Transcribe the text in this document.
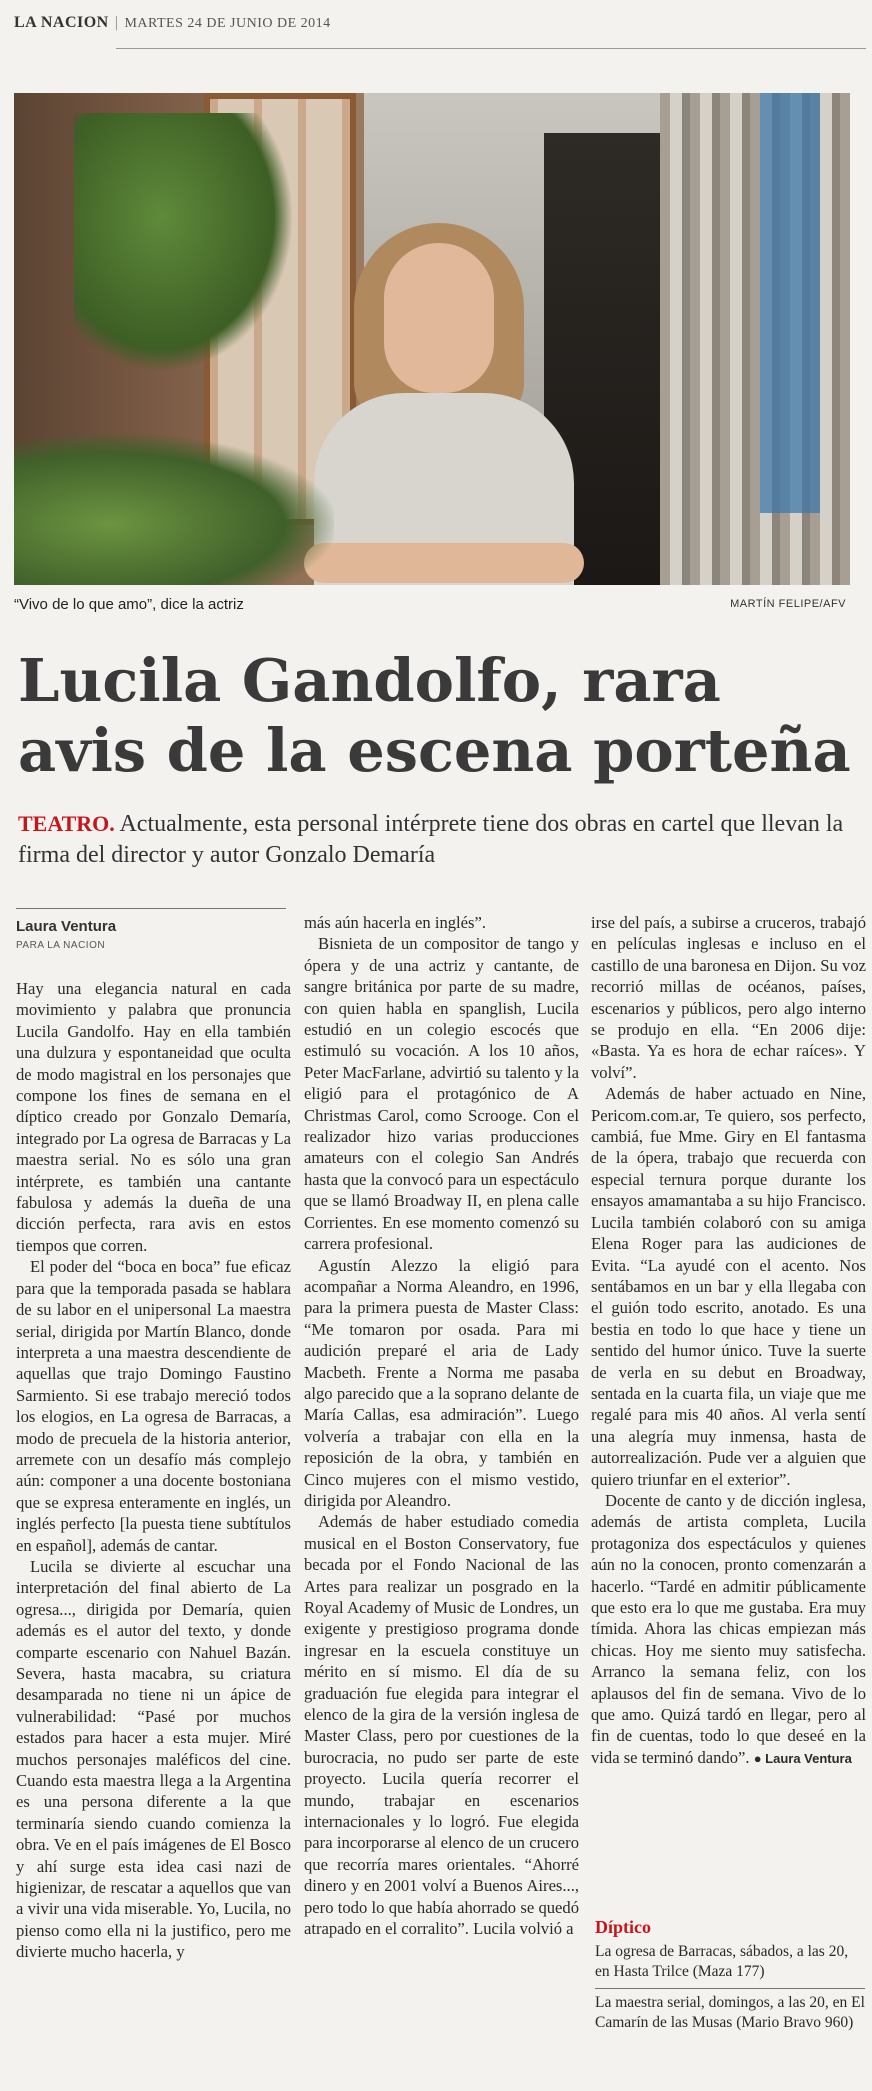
LA NACION | MARTES 24 DE JUNIO DE 2014
“Vivo de lo que amo”, dice la actriz	MARTÍN FELIPE/AFV
Lucila Gandolfo, rara avis de la escena porteña

TEATRO. Actualmente, esta personal intérprete tiene dos obras en cartel que llevan la firma del director y autor Gonzalo Demaría

Laura Ventura
PARA LA NACION

Hay una elegancia natural en cada movimiento y palabra que pronuncia Lucila Gandolfo. Hay en ella también una dulzura y espontaneidad que oculta de modo magistral en los personajes que compone los fines de semana en el díptico creado por Gonzalo Demaría, integrado por La ogresa de Barracas y La maestra serial. No es sólo una gran intérprete, es también una cantante fabulosa y además la dueña de una dicción perfecta, rara avis en estos tiempos que corren.

El poder del “boca en boca” fue eficaz para que la temporada pasada se hablara de su labor en el unipersonal La maestra serial, dirigida por Martín Blanco, donde interpreta a una maestra descendiente de aquellas que trajo Domingo Faustino Sarmiento. Si ese trabajo mereció todos los elogios, en La ogresa de Barracas, a modo de precuela de la historia anterior, arremete con un desafío más complejo aún: componer a una docente bostoniana que se expresa enteramente en inglés, un inglés perfecto [la puesta tiene subtítulos en español], además de cantar.

Lucila se divierte al escuchar una interpretación del final abierto de La ogresa..., dirigida por Demaría, quien además es el autor del texto, y donde comparte escenario con Nahuel Bazán. Severa, hasta macabra, su criatura desamparada no tiene ni un ápice de vulnerabilidad: “Pasé por muchos estados para hacer a esta mujer. Miré muchos personajes maléficos del cine. Cuando esta maestra llega a la Argentina es una persona diferente a la que terminaría siendo cuando comienza la obra. Ve en el país imágenes de El Bosco y ahí surge esta idea casi nazi de higienizar, de rescatar a aquellos que van a vivir una vida miserable. Yo, Lucila, no pienso como ella ni la justifico, pero me divierte mucho hacerla, y

más aún hacerla en inglés”.

Bisnieta de un compositor de tango y ópera y de una actriz y cantante, de sangre británica por parte de su madre, con quien habla en spanglish, Lucila estudió en un colegio escocés que estimuló su vocación. A los 10 años, Peter MacFarlane, advirtió su talento y la eligió para el protagónico de A Christmas Carol, como Scrooge. Con el realizador hizo varias producciones amateurs con el colegio San Andrés hasta que la convocó para un espectáculo que se llamó Broadway II, en plena calle Corrientes. En ese momento comenzó su carrera profesional.

Agustín Alezzo la eligió para acompañar a Norma Aleandro, en 1996, para la primera puesta de Master Class: “Me tomaron por osada. Para mi audición preparé el aria de Lady Macbeth. Frente a Norma me pasaba algo parecido que a la soprano delante de María Callas, esa admiración”. Luego volvería a trabajar con ella en la reposición de la obra, y también en Cinco mujeres con el mismo vestido, dirigida por Aleandro.

Además de haber estudiado comedia musical en el Boston Conservatory, fue becada por el Fondo Nacional de las Artes para realizar un posgrado en la Royal Academy of Music de Londres, un exigente y prestigioso programa donde ingresar en la escuela constituye un mérito en sí mismo. El día de su graduación fue elegida para integrar el elenco de la gira de la versión inglesa de Master Class, pero por cuestiones de la burocracia, no pudo ser parte de este proyecto. Lucila quería recorrer el mundo, trabajar en escenarios internacionales y lo logró. Fue elegida para incorporarse al elenco de un crucero que recorría mares orientales. “Ahorré dinero y en 2001 volví a Buenos Aires..., pero todo lo que había ahorrado se quedó atrapado en el corralito”. Lucila volvió a

irse del país, a subirse a cruceros, trabajó en películas inglesas e incluso en el castillo de una baronesa en Dijon. Su voz recorrió millas de océanos, países, escenarios y públicos, pero algo interno se produjo en ella. “En 2006 dije: «Basta. Ya es hora de echar raíces». Y volví”.

Además de haber actuado en Nine, Pericom.com.ar, Te quiero, sos perfecto, cambiá, fue Mme. Giry en El fantasma de la ópera, trabajo que recuerda con especial ternura porque durante los ensayos amamantaba a su hijo Francisco. Lucila también colaboró con su amiga Elena Roger para las audiciones de Evita. “La ayudé con el acento. Nos sentábamos en un bar y ella llegaba con el guión todo escrito, anotado. Es una bestia en todo lo que hace y tiene un sentido del humor único. Tuve la suerte de verla en su debut en Broadway, sentada en la cuarta fila, un viaje que me regalé para mis 40 años. Al verla sentí una alegría muy inmensa, hasta de autorrealización. Pude ver a alguien que quiero triunfar en el exterior”.

Docente de canto y de dicción inglesa, además de artista completa, Lucila protagoniza dos espectáculos y quienes aún no la conocen, pronto comenzarán a hacerlo. “Tardé en admitir públicamente que esto era lo que me gustaba. Era muy tímida. Ahora las chicas empiezan más chicas. Hoy me siento muy satisfecha. Arranco la semana feliz, con los aplausos del fin de semana. Vivo de lo que amo. Quizá tardó en llegar, pero al fin de cuentas, todo lo que deseé en la vida se terminó dando”. ● Laura Ventura

Díptico

La ogresa de Barracas, sábados, a las 20, en Hasta Trilce (Maza 177)

La maestra serial, domingos, a las 20, en El Camarín de las Musas (Mario Bravo 960)
